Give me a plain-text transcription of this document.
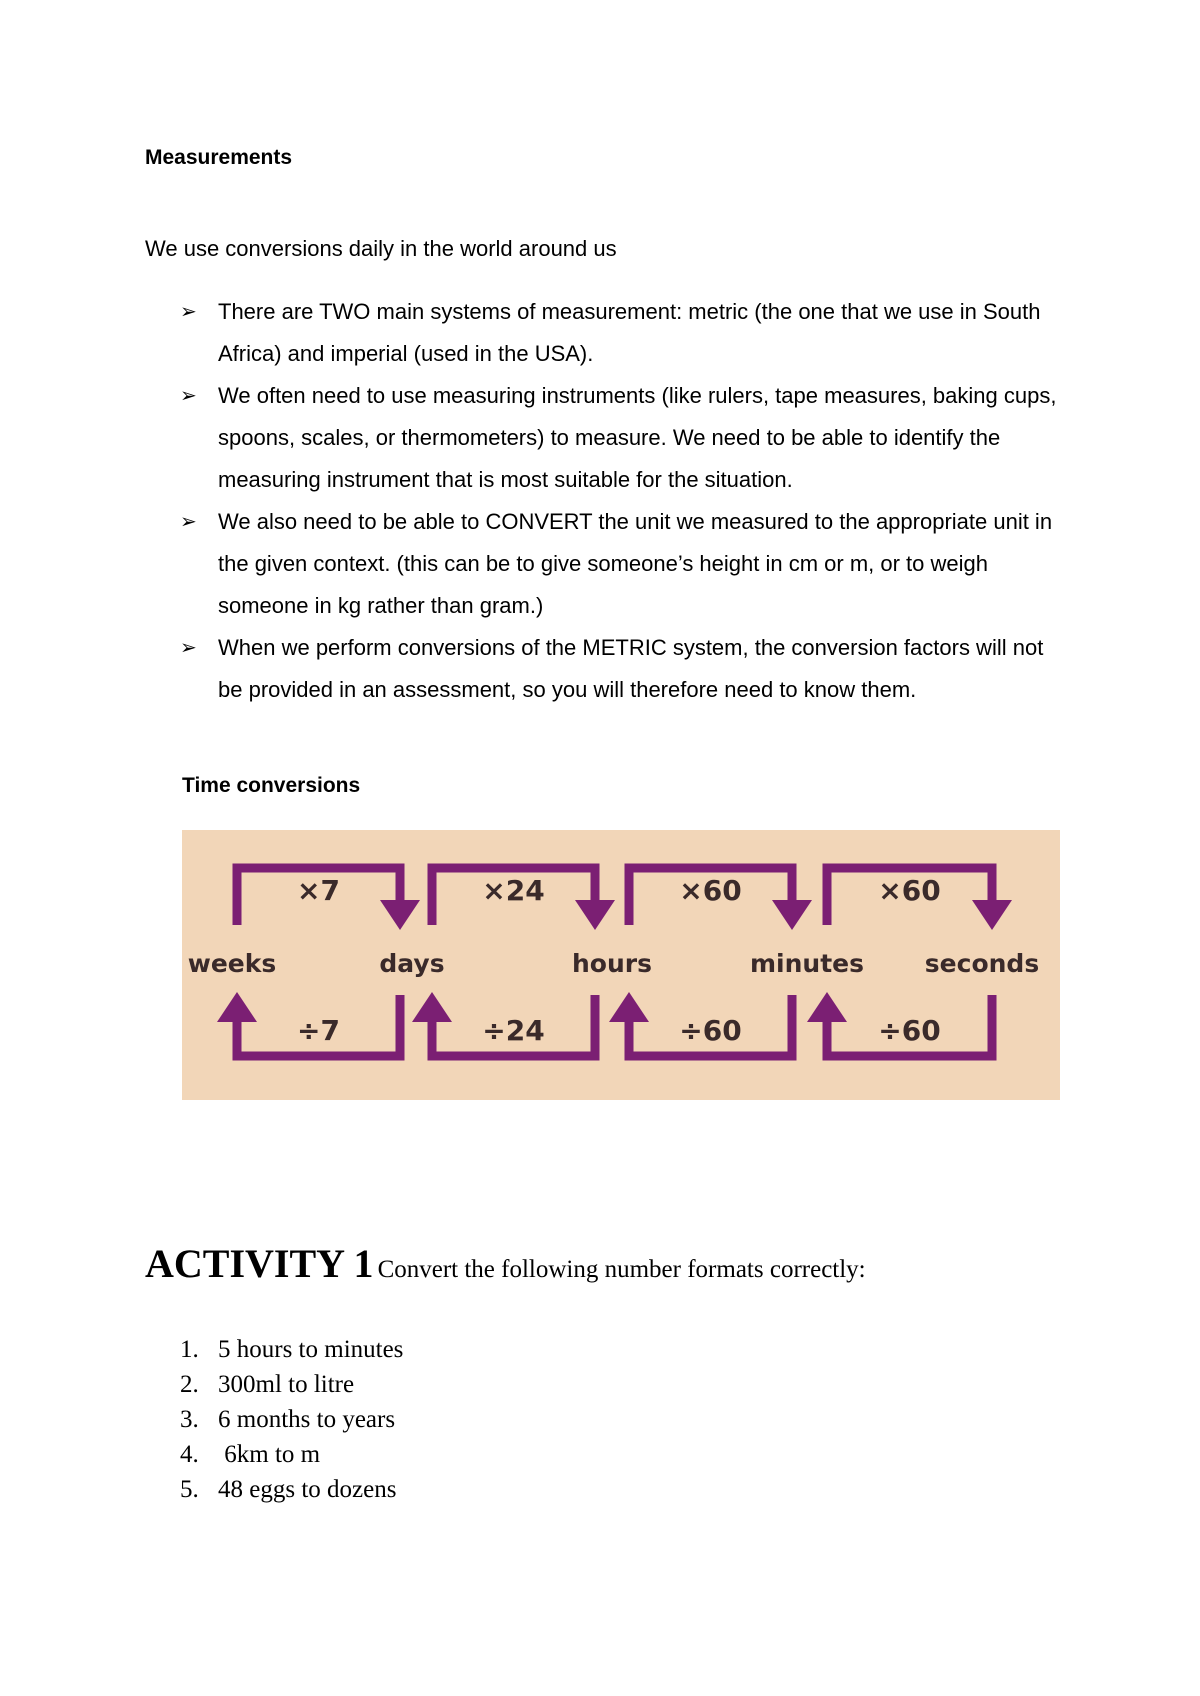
Measurements
We use conversions daily in the world around us
➢ There are TWO main systems of measurement: metric (the one that we use in South Africa) and imperial (used in the USA).
➢ We often need to use measuring instruments (like rulers, tape measures, baking cups, spoons, scales, or thermometers) to measure. We need to be able to identify the measuring instrument that is most suitable for the situation.
➢ We also need to be able to CONVERT the unit we measured to the appropriate unit in the given context. (this can be to give someone’s height in cm or m, or to weigh someone in kg rather than gram.)
➢ When we perform conversions of the METRIC system, the conversion factors will not be provided in an assessment, so you will therefore need to know them.
Time conversions
weeks	days	hours	minutes seconds
×7
÷7
×24
÷24
×60
÷60
×60
÷60
ACTIVITY 1 Convert the following number formats correctly:
1. 5 hours to minutes
2. 300ml to litre
3. 6 months to years
4. 6km to m
5. 48 eggs to dozens
